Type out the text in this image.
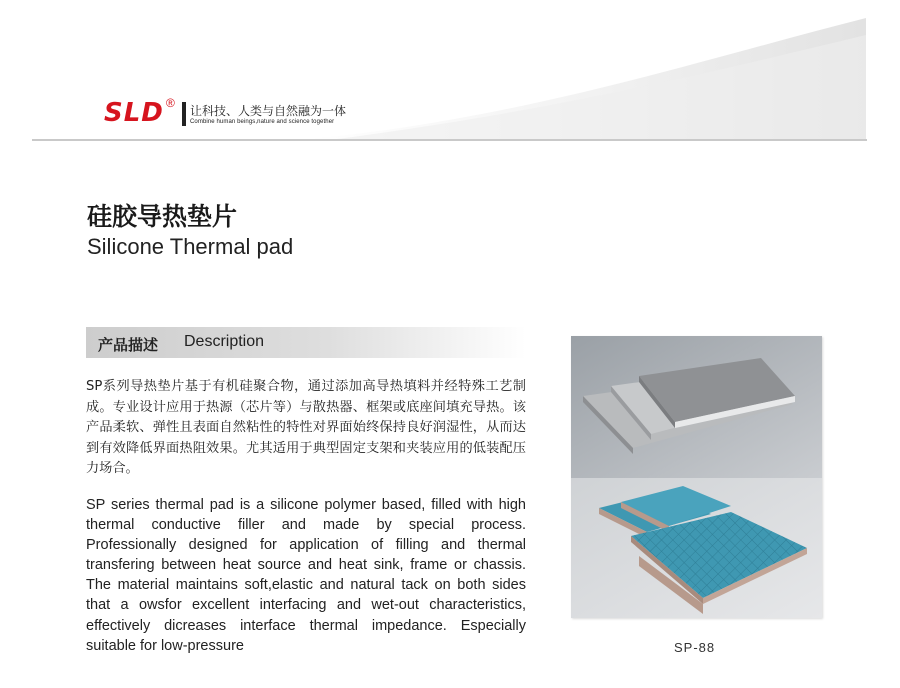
SLD ®
让科技、人类与自然融为一体
Combine human beings,nature and science together
硅胶导热垫片
Silicone Thermal pad
产品描述 Description

SP系列导热垫片基于有机硅聚合物，通过添加高导热填料并经特殊工艺制成。专业设计应用于热源（芯片等）与散热器、框架或底座间填充导热。该产品柔软、弹性且表面自然粘性的特性对界面始终保持良好润湿性，从而达到有效降低界面热阻效果。尤其适用于典型固定支架和夹装应用的低装配压力场合。

SP series thermal pad is a silicone polymer based, filled with high thermal conductive filler and made by special process. Professionally designed for application of filling and thermal transfering between heat source and heat sink, frame or chassis. The material maintains soft,elastic and natural tack on both sides that a owsfor excellent interfacing and wet-out characteristics, effectively dicreases interface thermal impedance. Especially suitable for low-pressure	SP-88
